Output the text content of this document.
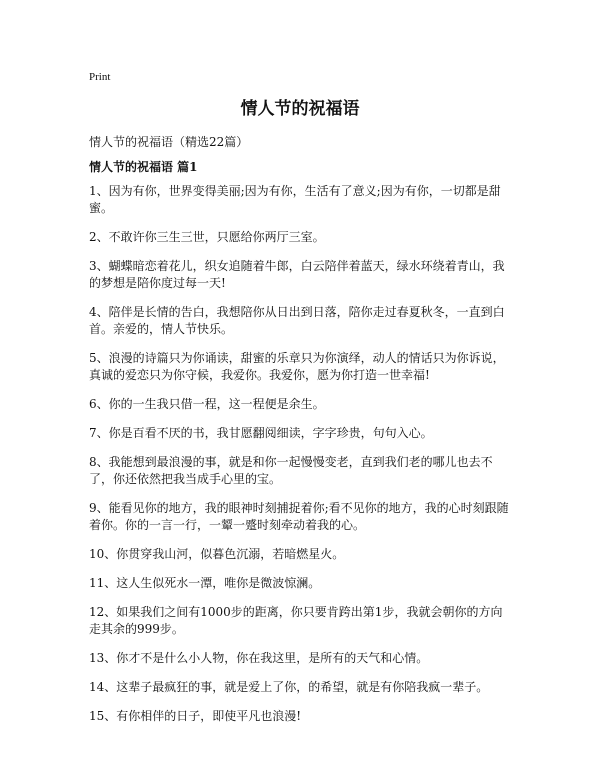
Print
情人节的祝福语
情人节的祝福语（精选22篇）
情人节的祝福语 篇1

1、因为有你，世界变得美丽;因为有你，生活有了意义;因为有你，一切都是甜蜜。

2、不敢许你三生三世，只愿给你两厅三室。

3、蝴蝶暗恋着花儿，织女追随着牛郎，白云陪伴着蓝天，绿水环绕着青山，我的梦想是陪你度过每一天!

4、陪伴是长情的告白，我想陪你从日出到日落，陪你走过春夏秋冬，一直到白首。亲爱的，情人节快乐。

5、浪漫的诗篇只为你诵读，甜蜜的乐章只为你演绎，动人的情话只为你诉说，真诚的爱恋只为你守候，我爱你。我爱你，愿为你打造一世幸福!

6、你的一生我只借一程，这一程便是余生。

7、你是百看不厌的书，我甘愿翻阅细读，字字珍贵，句句入心。

8、我能想到最浪漫的事，就是和你一起慢慢变老，直到我们老的哪儿也去不了，你还依然把我当成手心里的宝。

9、能看见你的地方，我的眼神时刻捕捉着你;看不见你的地方，我的心时刻跟随着你。你的一言一行，一颦一蹙时刻牵动着我的心。

10、你贯穿我山河，似暮色沉溺，若暗燃星火。

11、这人生似死水一潭，唯你是微波惊澜。

12、如果我们之间有1000步的距离，你只要肯跨出第1步，我就会朝你的方向走其余的999步。

13、你才不是什么小人物，你在我这里，是所有的天气和心情。

14、这辈子最疯狂的事，就是爱上了你，的希望，就是有你陪我疯一辈子。

15、有你相伴的日子，即使平凡也浪漫!
